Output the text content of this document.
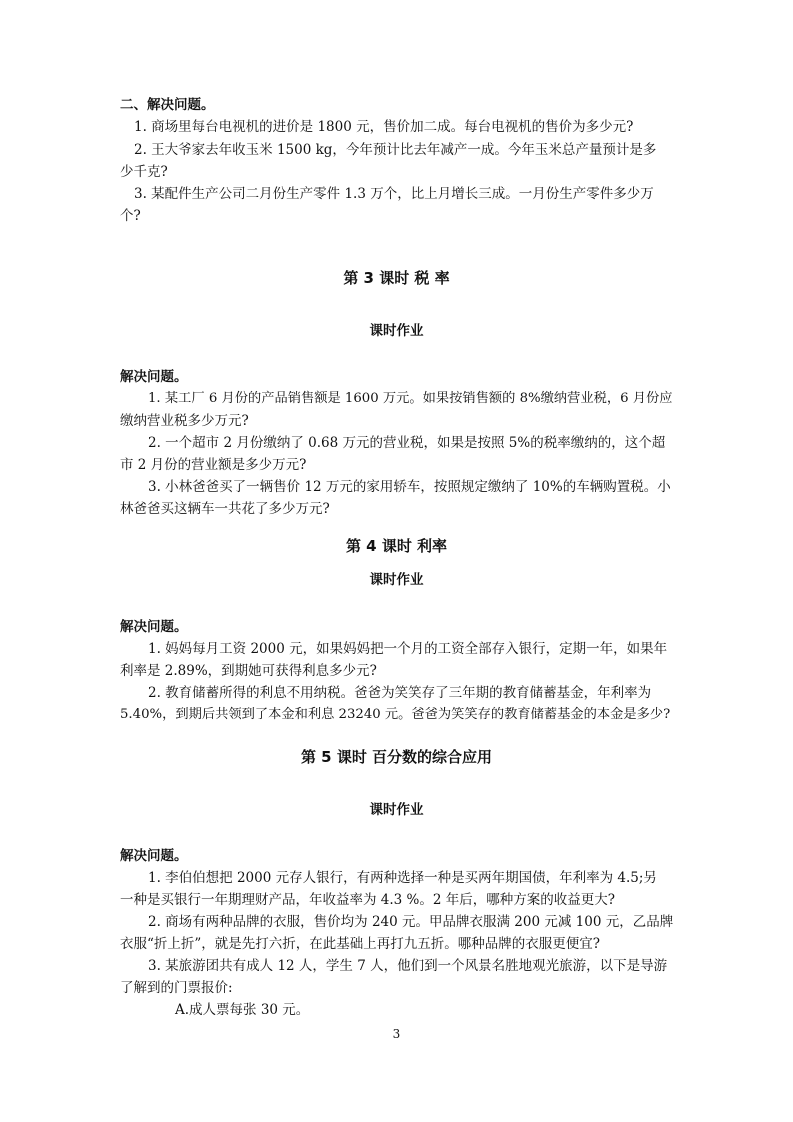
二、解决问题。
1. 商场里每台电视机的进价是 1800 元，售价加二成。每台电视机的售价为多少元?
2. 王大爷家去年收玉米 1500 kg，今年预计比去年减产一成。今年玉米总产量预计是多
少千克?
3. 某配件生产公司二月份生产零件 1.3 万个，比上月增长三成。一月份生产零件多少万
个?
第 3 课时 税 率
课时作业
解决问题。
1. 某工厂 6 月份的产品销售额是 1600 万元。如果按销售额的 8%缴纳营业税，6 月份应
缴纳营业税多少万元?
2. 一个超市 2 月份缴纳了 0.68 万元的营业税，如果是按照 5%的税率缴纳的，这个超
市 2 月份的营业额是多少万元?
3. 小林爸爸买了一辆售价 12 万元的家用轿车，按照规定缴纳了 10%的车辆购置税。小
林爸爸买这辆车一共花了多少万元?
第 4 课时 利率
课时作业
解决问题。
1. 妈妈每月工资 2000 元，如果妈妈把一个月的工资全部存入银行，定期一年，如果年
利率是 2.89%，到期她可获得利息多少元?
2. 教育储蓄所得的利息不用纳税。爸爸为笑笑存了三年期的教育储蓄基金，年利率为
5.40%，到期后共领到了本金和利息 23240 元。爸爸为笑笑存的教育储蓄基金的本金是多少?
第 5 课时 百分数的综合应用
课时作业
解决问题。
1. 李伯伯想把 2000 元存人银行，有两种选择一种是买两年期国债，年利率为 4.5;另
一种是买银行一年期理财产品，年收益率为 4.3 %。2 年后，哪种方案的收益更大?
2. 商场有两种品牌的衣服，售价均为 240 元。甲品牌衣服满 200 元减 100 元，乙品牌
衣服“折上折”，就是先打六折，在此基础上再打九五折。哪种品牌的衣服更便宜?
3. 某旅游团共有成人 12 人，学生 7 人，他们到一个风景名胜地观光旅游，以下是导游
了解到的门票报价:
A.成人票每张 30 元。
3
